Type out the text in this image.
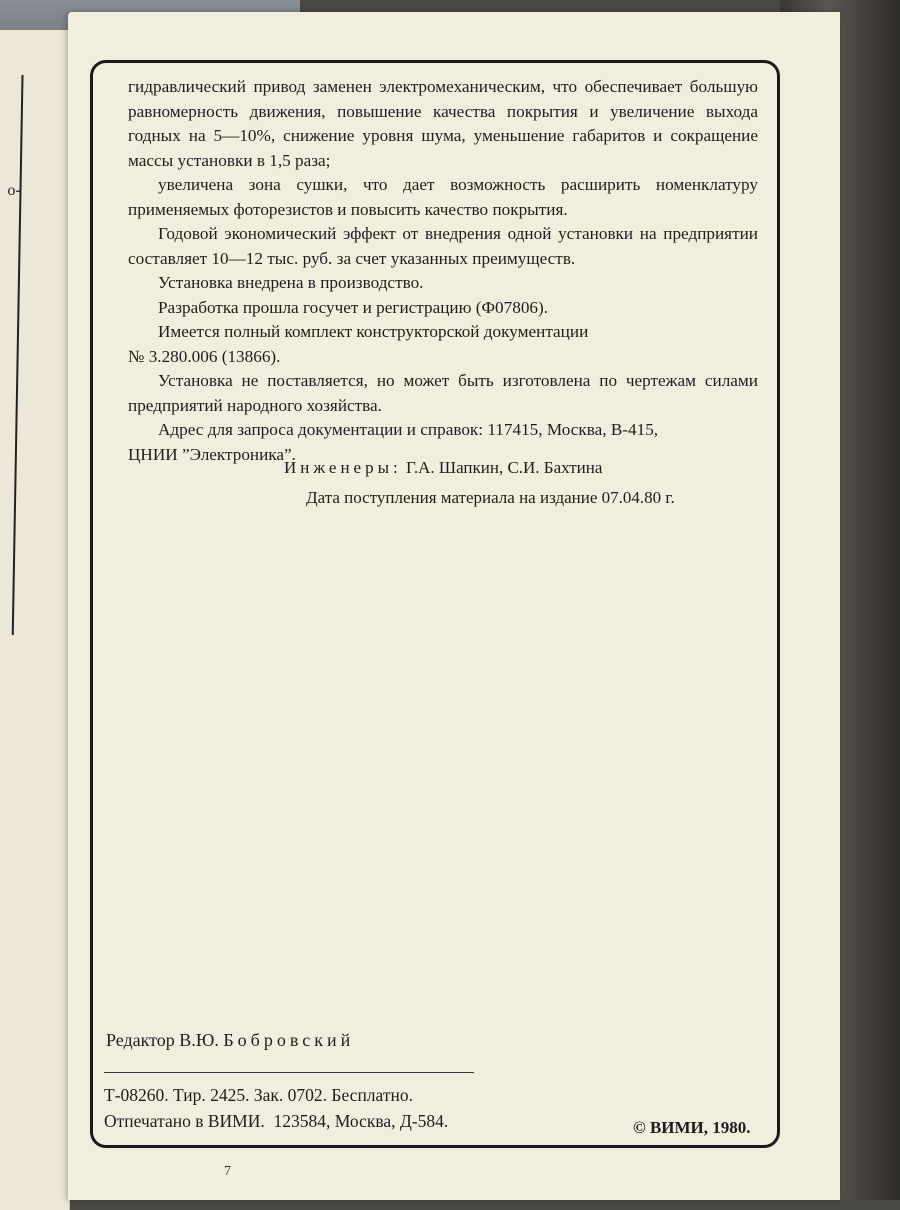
о-

гидравлический привод заменен электромеханическим, что обеспечивает большую равномерность движения, повышение качества покрытия и увеличение выхода годных на 5—10%, снижение уровня шума, уменьшение габаритов и сокращение массы установки в 1,5 раза;

увеличена зона сушки, что дает возможность расширить номенклатуру применяемых фоторезистов и повысить качество покрытия.

Годовой экономический эффект от внедрения одной установки на предприятии составляет 10—12 тыс. руб. за счет указанных преимуществ.

Установка внедрена в производство.

Разработка прошла госучет и регистрацию (Ф07806).

Имеется полный комплект конструкторской документации

№ 3.280.006 (13866).

Установка не поставляется, но может быть изготовлена по чертежам силами предприятий народного хозяйства.

Адрес для запроса документации и справок: 117415, Москва, В-415,

ЦНИИ ”Электроника”.

Инженеры: Г.А. Шапкин, С.И. Бахтина
Дата поступления материала на издание 07.04.80 г.
Редактор В.Ю. Бобровский
Т-08260. Тир. 2425. Зак. 0702. Бесплатно.
Отпечатано в ВИМИ.  123584, Москва, Д-584.	© ВИМИ, 1980.
7
